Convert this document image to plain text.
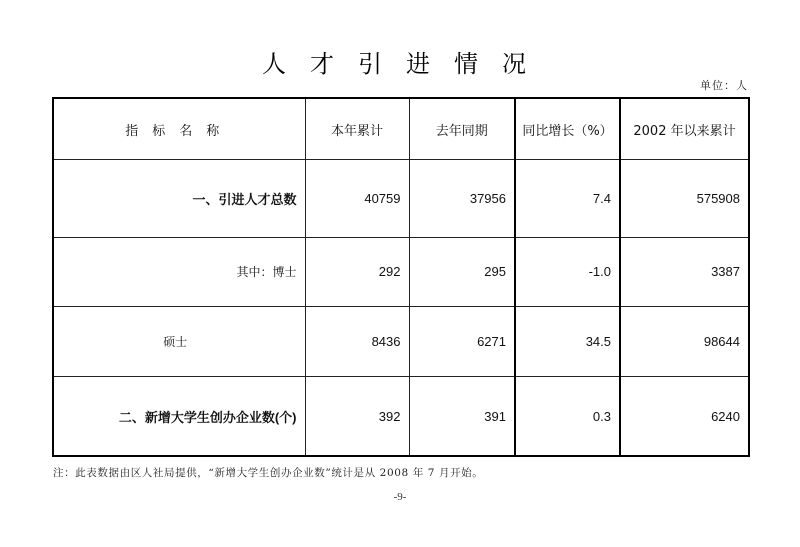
人才引进情况
单位：人
指标名称	本年累计	去年同期	同比增长（%）	2002 年以来累计
一、引进人才总数	40759	37956	7.4	575908
其中：博士	292	295	-1.0	3387
硕士	8436	6271	34.5	98644
二、新增大学生创办企业数(个)	392	391	0.3	6240
注：此表数据由区人社局提供，“新增大学生创办企业数”统计是从 2008 年 7 月开始。
-9-
